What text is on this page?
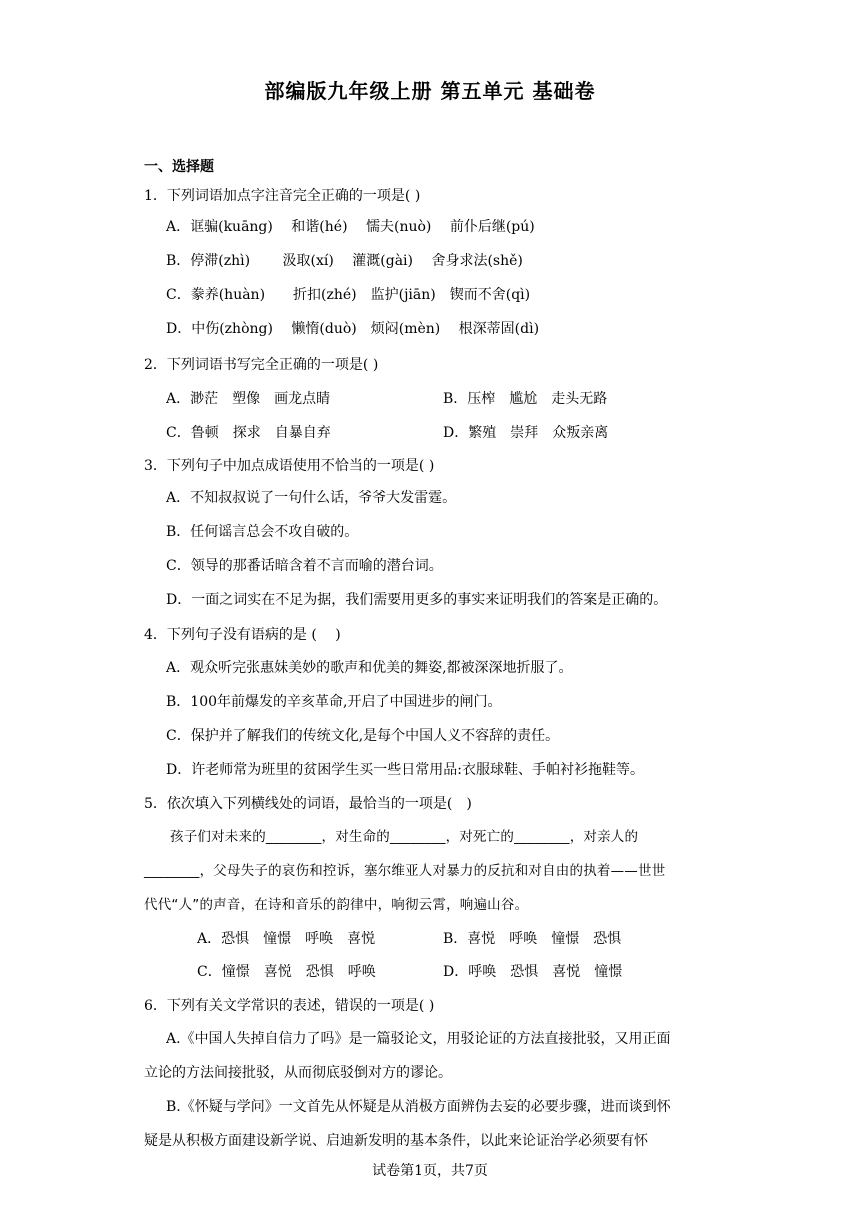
部编版九年级上册 第五单元 基础卷
一、选择题
1．下列词语加点字注音完全正确的一项是( )
A．诓骗(kuāng)　 和谐(hé)　 懦夫(nuò)　 前仆后继(pú)
B．停滞(zhì)　　 汲取(xí)　 灌溉(gài)　 舍身求法(shě)
C．豢养(huàn)　　折扣(zhé)　监护(jiān)　锲而不舍(qì)
D．中伤(zhòng)　 懒惰(duò)　烦闷(mèn)　 根深蒂固(dì)
2．下列词语书写完全正确的一项是( )
A．渺茫　塑像　画龙点睛	B．压榨　尴尬　走头无路
C．鲁顿　探求　自暴自弃	D．繁殖　崇拜　众叛亲离
3．下列句子中加点成语使用不恰当的一项是( )
A．不知叔叔说了一句什么话，爷爷大发雷霆。
B．任何谣言总会不攻自破的。
C．领导的那番话暗含着不言而喻的潜台词。
D．一面之词实在不足为据，我们需要用更多的事实来证明我们的答案是正确的。
4．下列句子没有语病的是 (　 )
A．观众听完张惠妹美妙的歌声和优美的舞姿,都被深深地折服了。
B．100年前爆发的辛亥革命,开启了中国进步的闸门。
C．保护并了解我们的传统文化,是每个中国人义不容辞的责任。
D．许老师常为班里的贫困学生买一些日常用品:衣服球鞋、手帕衬衫拖鞋等。
5．依次填入下列横线处的词语，最恰当的一项是(　)
孩子们对未来的________，对生命的________，对死亡的________，对亲人的
________，父母失子的哀伤和控诉，塞尔维亚人对暴力的反抗和对自由的执着——世世
代代“人”的声音，在诗和音乐的韵律中，响彻云霄，响遍山谷。
A．恐惧　憧憬　呼唤　喜悦	B．喜悦　呼唤　憧憬　恐惧
C．憧憬　喜悦　恐惧　呼唤	D．呼唤　恐惧　喜悦　憧憬
6．下列有关文学常识的表述，错误的一项是( )
A.《中国人失掉自信力了吗》是一篇驳论文，用驳论证的方法直接批驳，又用正面
立论的方法间接批驳，从而彻底驳倒对方的谬论。
B.《怀疑与学问》一文首先从怀疑是从消极方面辨伪去妄的必要步骤，进而谈到怀
疑是从积极方面建设新学说、启迪新发明的基本条件，以此来论证治学必须要有怀
试卷第1页，共7页
